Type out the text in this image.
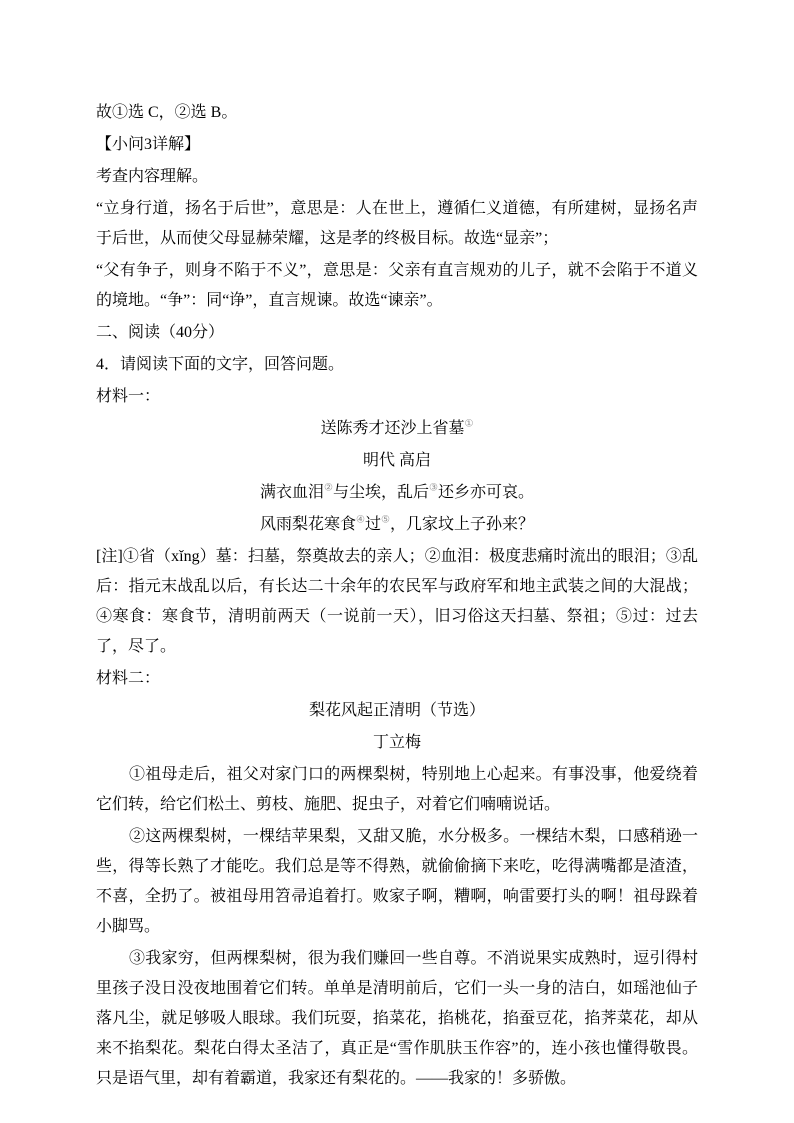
故①选 C，②选 B。

【小问3详解】

考查内容理解。

“立身行道，扬名于后世”，意思是：人在世上，遵循仁义道德，有所建树，显扬名声于后世，从而使父母显赫荣耀，这是孝的终极目标。故选“显亲”；

“父有争子，则身不陷于不义”，意思是：父亲有直言规劝的儿子，就不会陷于不道义的境地。“争”：同“诤”，直言规谏。故选“谏亲”。

二、阅读（40分）

4．请阅读下面的文字，回答问题。

材料一：

送陈秀才还沙上省墓①

明代 高启

满衣血泪②与尘埃，乱后③还乡亦可哀。

风雨梨花寒食④过⑤，几家坟上子孙来？

[注]①省（xǐng）墓：扫墓，祭奠故去的亲人；②血泪：极度悲痛时流出的眼泪；③乱后：指元末战乱以后，有长达二十余年的农民军与政府军和地主武装之间的大混战；④寒食：寒食节，清明前两天（一说前一天），旧习俗这天扫墓、祭祖；⑤过：过去了，尽了。

材料二：

梨花风起正清明（节选）

丁立梅

①祖母走后，祖父对家门口的两棵梨树，特别地上心起来。有事没事，他爱绕着它们转，给它们松土、剪枝、施肥、捉虫子，对着它们喃喃说话。

②这两棵梨树，一棵结苹果梨，又甜又脆，水分极多。一棵结木梨，口感稍逊一些，得等长熟了才能吃。我们总是等不得熟，就偷偷摘下来吃，吃得满嘴都是渣渣，不喜，全扔了。被祖母用笤帚追着打。败家子啊，糟啊，响雷要打头的啊！祖母跺着小脚骂。

③我家穷，但两棵梨树，很为我们赚回一些自尊。不消说果实成熟时，逗引得村里孩子没日没夜地围着它们转。单单是清明前后，它们一头一身的洁白，如瑶池仙子落凡尘，就足够吸人眼球。我们玩耍，掐菜花，掐桃花，掐蚕豆花，掐荠菜花，却从来不掐梨花。梨花白得太圣洁了，真正是“雪作肌肤玉作容”的，连小孩也懂得敬畏。只是语气里，却有着霸道，我家还有梨花的。——我家的！多骄傲。
